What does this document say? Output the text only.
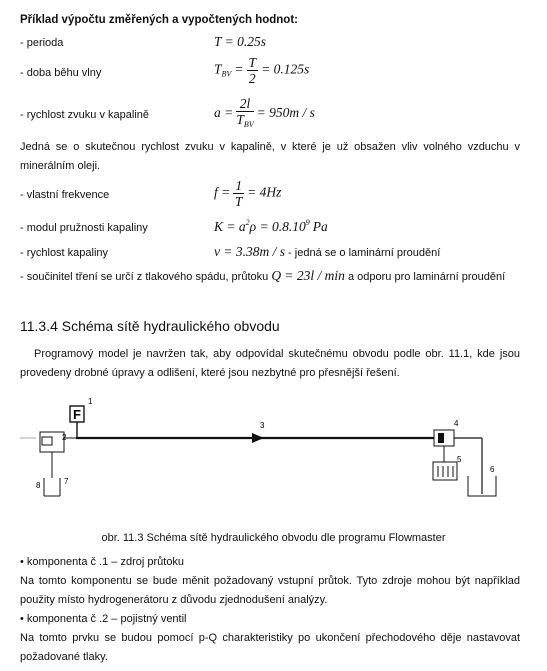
Příklad výpočtu změřených a vypočtených hodnot:
- perioda	T = 0.25s
- doba běhu vlny	$T_{BV} = \frac{T}{2} = 0.125s$
- rychlost zvuku v kapalině	$a = \frac{2l}{T_{BV}} = 950m / s$
Jedná se o skutečnou rychlost zvuku v kapalině, v které je už obsažen vliv volného vzduchu v minerálním oleji.
- vlastní frekvence	$f = \frac{1}{T} = 4Hz$
- modul pružnosti kapaliny	$K = a^2\rho = 0.8.10^9$ Pa
- rychlost kapaliny	v = 3.38m / s - jedná se o laminární proudění
- součinitel tření se určí z tlakového spádu, průtoku Q = 23l / min a odporu pro laminární proudění
11.3.4 Schéma sítě hydraulického obvodu
Programový model je navržen tak, aby odpovídal skutečnému obvodu podle obr. 11.1, kde jsou provedeny drobné úpravy a odlišení, které jsou nezbytné pro přesnější řešení.
F
1
2
3	4
5
6
7
8
obr. 11.3 Schéma sítě hydraulického obvodu dle programu Flowmaster
• komponenta č .1 – zdroj průtoku
Na tomto komponentu se bude měnit požadovaný vstupní průtok. Tyto zdroje mohou být například použity místo hydrogenerátoru z důvodu zjednodušení analýzy.
• komponenta č .2 – pojistný ventil
Na tomto prvku se budou pomocí p-Q charakteristiky po ukončení přechodového děje nastavovat požadované tlaky.
